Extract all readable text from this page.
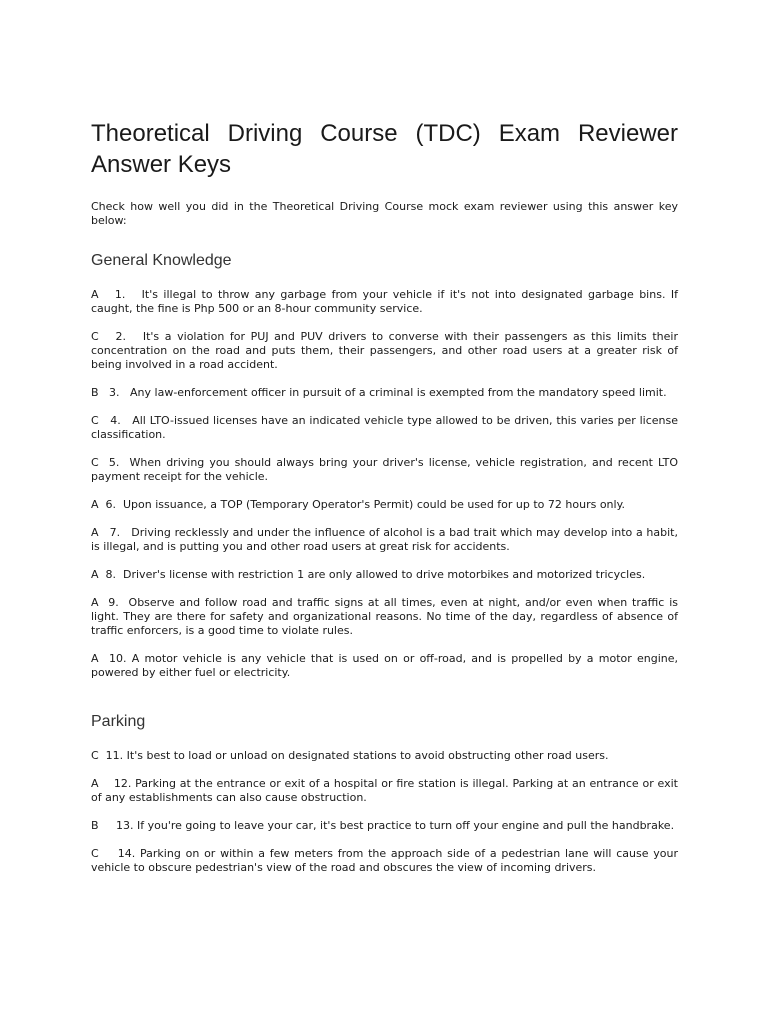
Theoretical Driving Course (TDC) Exam Reviewer Answer Keys

Check how well you did in the Theoretical Driving Course mock exam reviewer using this answer key below:

General Knowledge

A   1.   It's illegal to throw any garbage from your vehicle if it's not into designated garbage bins. If caught, the fine is Php 500 or an 8-hour community service.

C   2.   It's a violation for PUJ and PUV drivers to converse with their passengers as this limits their concentration on the road and puts them, their passengers, and other road users at a greater risk of being involved in a road accident.

B   3.   Any law-enforcement officer in pursuit of a criminal is exempted from the mandatory speed limit.

C   4.   All LTO-issued licenses have an indicated vehicle type allowed to be driven, this varies per license classification.

C  5.  When driving you should always bring your driver's license, vehicle registration, and recent LTO payment receipt for the vehicle.

A  6.  Upon issuance, a TOP (Temporary Operator's Permit) could be used for up to 72 hours only.

A   7.   Driving recklessly and under the influence of alcohol is a bad trait which may develop into a habit, is illegal, and is putting you and other road users at great risk for accidents.

A  8.  Driver's license with restriction 1 are only allowed to drive motorbikes and motorized tricycles.

A  9.  Observe and follow road and traffic signs at all times, even at night, and/or even when traffic is light. They are there for safety and organizational reasons. No time of the day, regardless of absence of traffic enforcers, is a good time to violate rules.

A  10. A motor vehicle is any vehicle that is used on or off-road, and is propelled by a motor engine, powered by either fuel or electricity.

Parking

C  11. It's best to load or unload on designated stations to avoid obstructing other road users.

A    12. Parking at the entrance or exit of a hospital or fire station is illegal. Parking at an entrance or exit of any establishments can also cause obstruction.

B     13. If you're going to leave your car, it's best practice to turn off your engine and pull the handbrake.

C    14. Parking on or within a few meters from the approach side of a pedestrian lane will cause your vehicle to obscure pedestrian's view of the road and obscures the view of incoming drivers.
